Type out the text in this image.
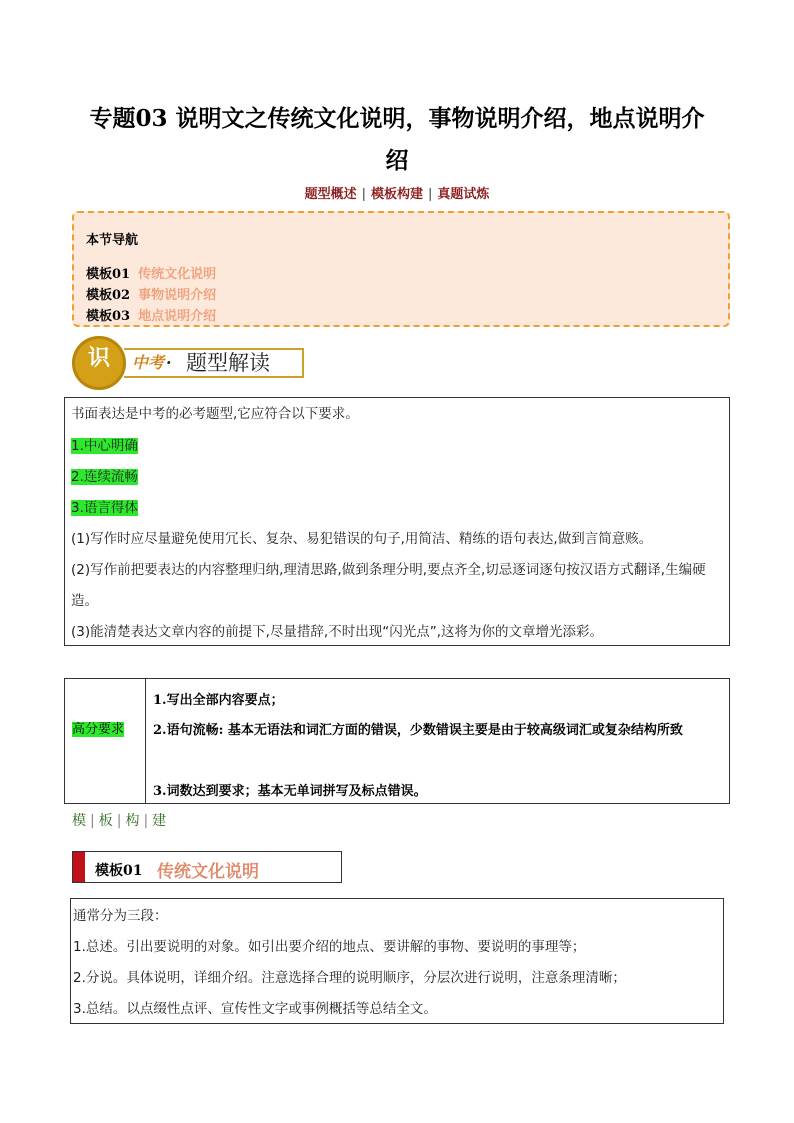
专题03 说明文之传统文化说明，事物说明介绍，地点说明介
绍
题型概述 | 模板构建 | 真题试炼
本节导航
模板01 传统文化说明
模板02 事物说明介绍
模板03 地点说明介绍
识	中考 · 题型解读
书面表达是中考的必考题型,它应符合以下要求。
1.中心明确
2.连续流畅
3.语言得体
(1)写作时应尽量避免使用冗长、复杂、易犯错误的句子,用简洁、精练的语句表达,做到言简意赅。
(2)写作前把要表达的内容整理归纳,理清思路,做到条理分明,要点齐全,切忌逐词逐句按汉语方式翻译,生编硬
造。
(3)能清楚表达文章内容的前提下,尽量措辞,不时出现“闪光点”,这将为你的文章增光添彩。
高分要求
1.写出全部内容要点；
2.语句流畅: 基本无语法和词汇方面的错误，少数错误主要是由于较高级词汇或复杂结构所致
3.词数达到要求；基本无单词拼写及标点错误。
模 | 板 | 构 | 建
模板01 传统文化说明
通常分为三段：
1.总述。引出要说明的对象。如引出要介绍的地点、要讲解的事物、要说明的事理等；
2.分说。具体说明，详细介绍。注意选择合理的说明顺序，分层次进行说明，注意条理清晰；
3.总结。以点缀性点评、宣传性文字或事例概括等总结全文。
